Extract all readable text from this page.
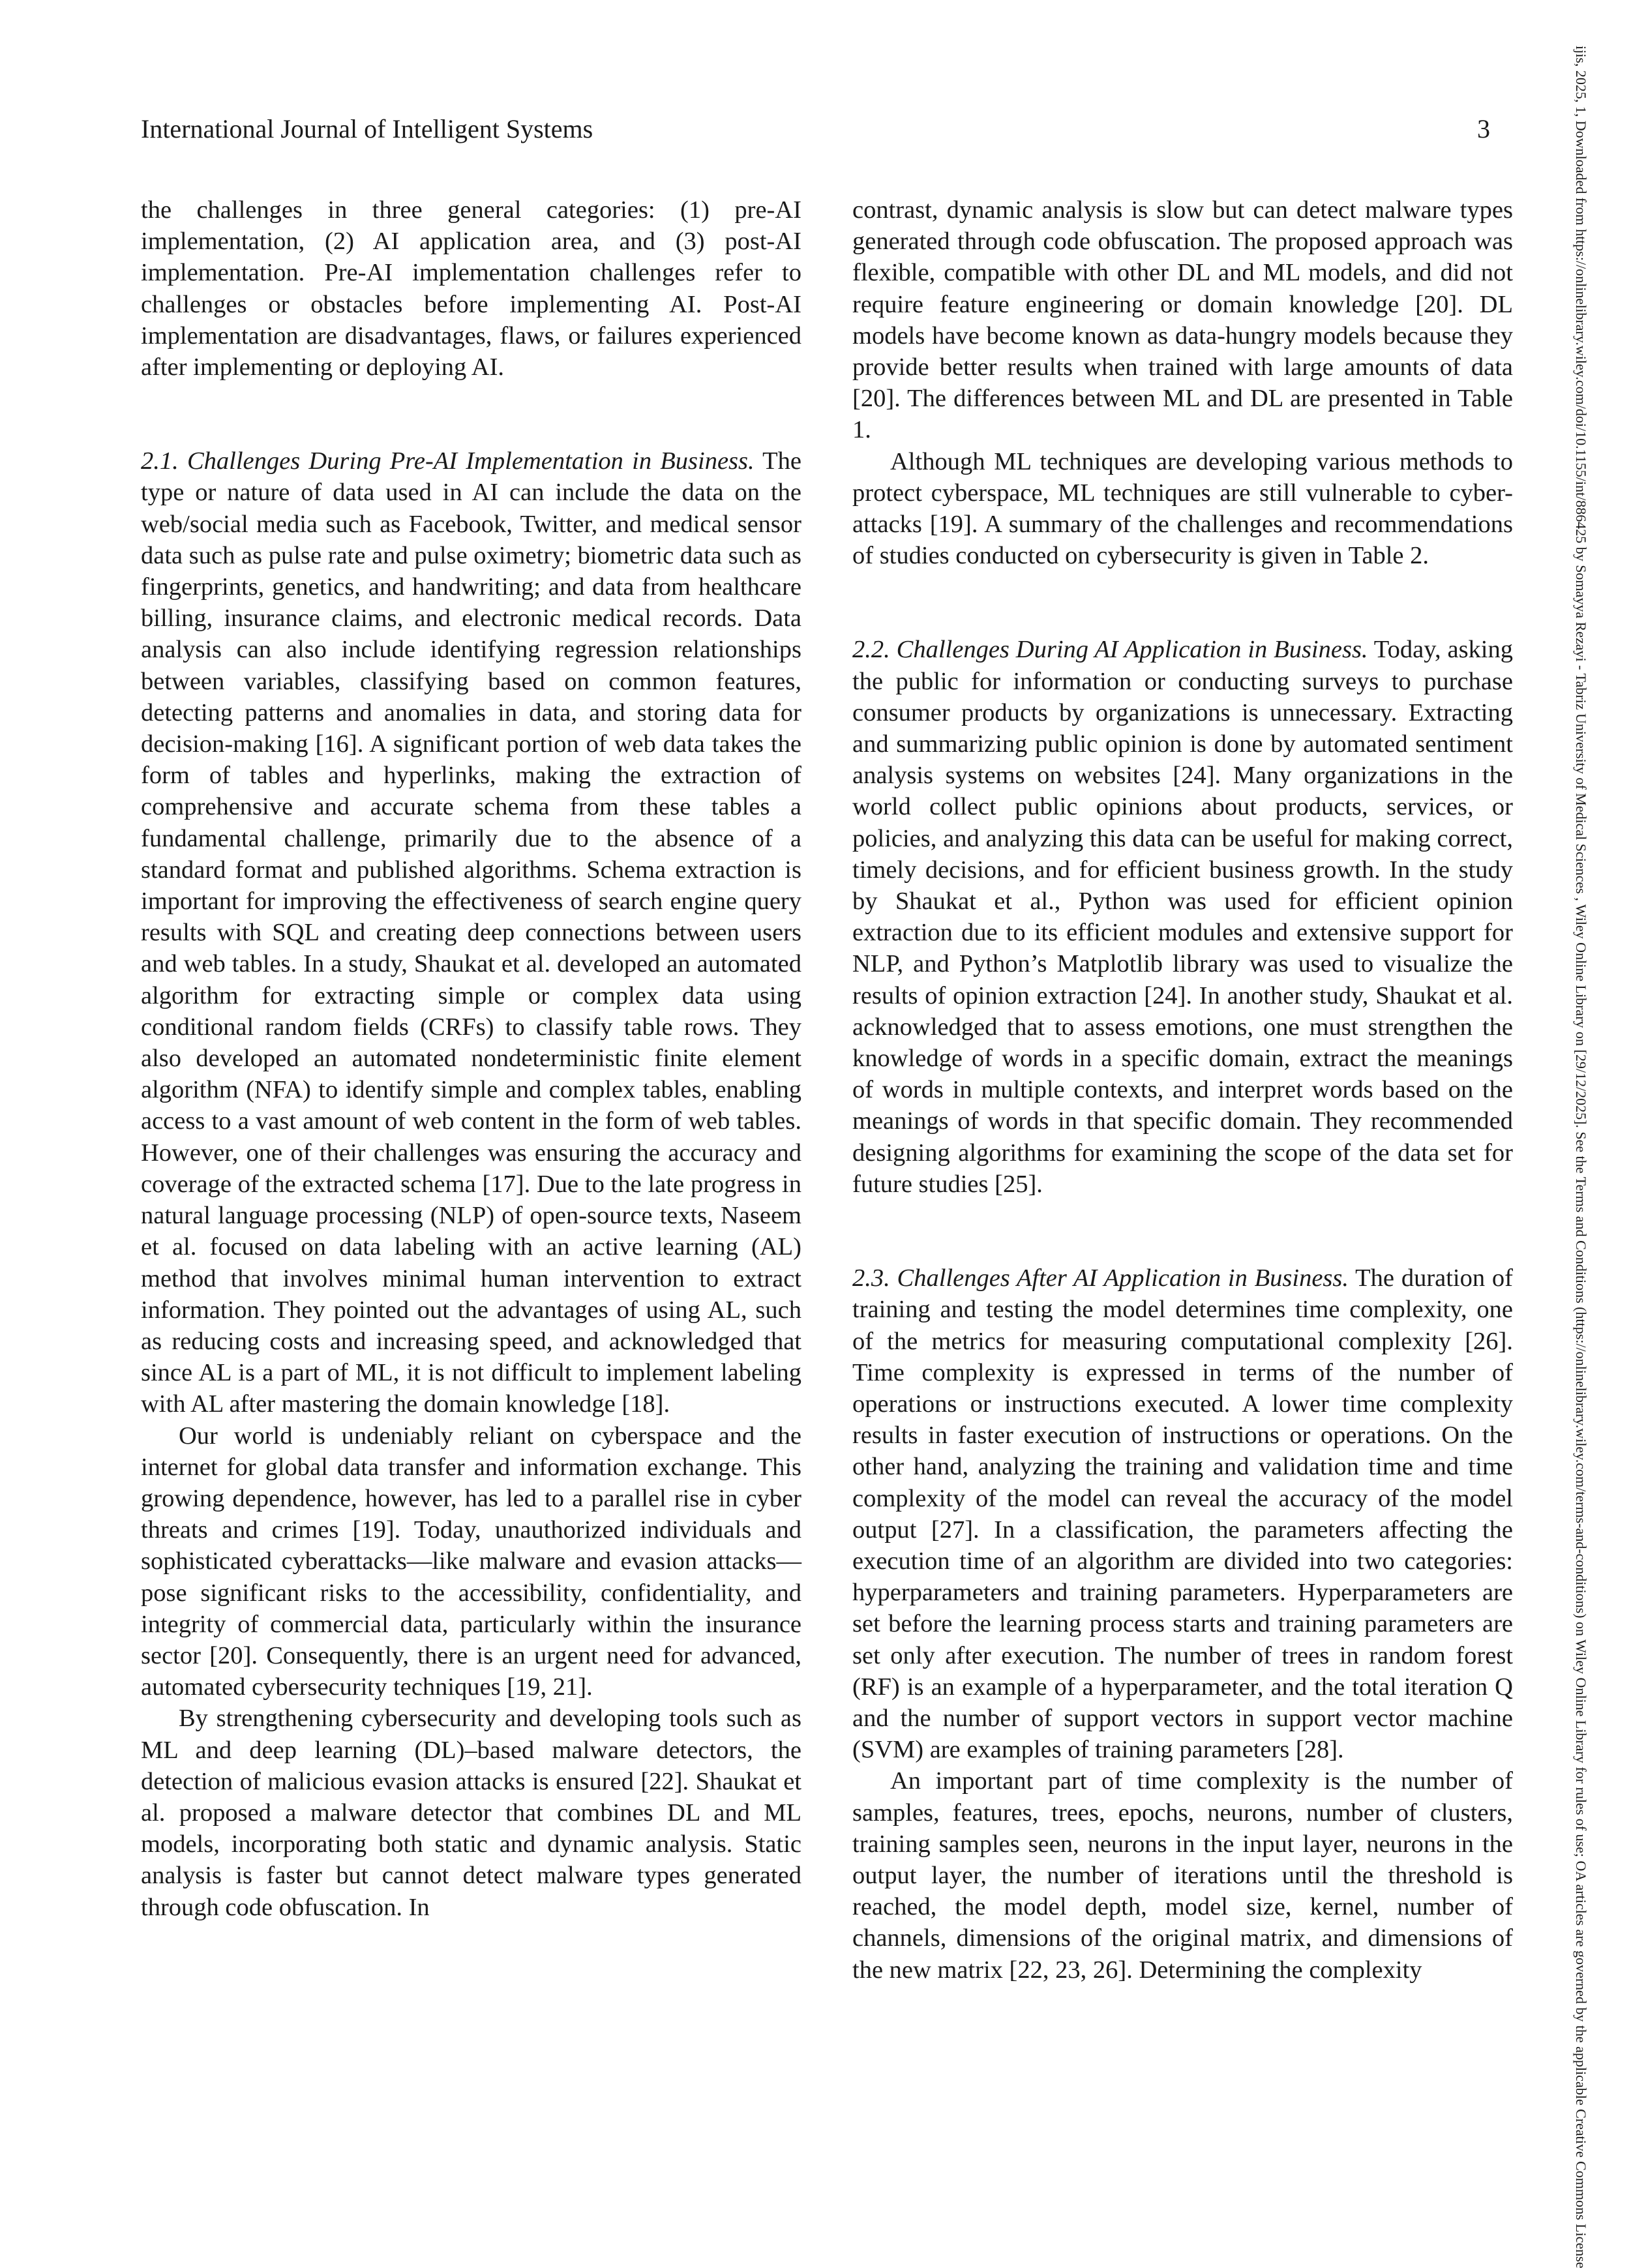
International Journal of Intelligent Systems	3

the challenges in three general categories: (1) pre-AI implementation, (2) AI application area, and (3) post-AI implementation. Pre-AI implementation challenges refer to challenges or obstacles before implementing AI. Post-AI implementation are disadvantages, flaws, or failures experienced after implementing or deploying AI.

2.1. Challenges During Pre-AI Implementation in Business. The type or nature of data used in AI can include the data on the web/social media such as Facebook, Twitter, and medical sensor data such as pulse rate and pulse oximetry; biometric data such as fingerprints, genetics, and handwriting; and data from healthcare billing, insurance claims, and electronic medical records. Data analysis can also include identifying regression relationships between variables, classifying based on common features, detecting patterns and anomalies in data, and storing data for decision-making [16]. A significant portion of web data takes the form of tables and hyperlinks, making the extraction of comprehensive and accurate schema from these tables a fundamental challenge, primarily due to the absence of a standard format and published algorithms. Schema extraction is important for improving the effectiveness of search engine query results with SQL and creating deep connections between users and web tables. In a study, Shaukat et al. developed an automated algorithm for extracting simple or complex data using conditional random fields (CRFs) to classify table rows. They also developed an automated nondeterministic finite element algorithm (NFA) to identify simple and complex tables, enabling access to a vast amount of web content in the form of web tables. However, one of their challenges was ensuring the accuracy and coverage of the extracted schema [17]. Due to the late progress in natural language processing (NLP) of open-source texts, Naseem et al. focused on data labeling with an active learning (AL) method that involves minimal human intervention to extract information. They pointed out the advantages of using AL, such as reducing costs and increasing speed, and acknowledged that since AL is a part of ML, it is not difficult to implement labeling with AL after mastering the domain knowledge [18].

Our world is undeniably reliant on cyberspace and the internet for global data transfer and information exchange. This growing dependence, however, has led to a parallel rise in cyber threats and crimes [19]. Today, unauthorized individuals and sophisticated cyberattacks—like malware and evasion attacks—pose significant risks to the accessibility, confidentiality, and integrity of commercial data, particularly within the insurance sector [20]. Consequently, there is an urgent need for advanced, automated cybersecurity techniques [19, 21].

By strengthening cybersecurity and developing tools such as ML and deep learning (DL)–based malware detectors, the detection of malicious evasion attacks is ensured [22]. Shaukat et al. proposed a malware detector that combines DL and ML models, incorporating both static and dynamic analysis. Static analysis is faster but cannot detect malware types generated through code obfuscation. In

contrast, dynamic analysis is slow but can detect malware types generated through code obfuscation. The proposed approach was flexible, compatible with other DL and ML models, and did not require feature engineering or domain knowledge [20]. DL models have become known as data-hungry models because they provide better results when trained with large amounts of data [20]. The differences between ML and DL are presented in Table 1.

Although ML techniques are developing various methods to protect cyberspace, ML techniques are still vulnerable to cyber-attacks [19]. A summary of the challenges and recommendations of studies conducted on cybersecurity is given in Table 2.

2.2. Challenges During AI Application in Business. Today, asking the public for information or conducting surveys to purchase consumer products by organizations is unnecessary. Extracting and summarizing public opinion is done by automated sentiment analysis systems on websites [24]. Many organizations in the world collect public opinions about products, services, or policies, and analyzing this data can be useful for making correct, timely decisions, and for efficient business growth. In the study by Shaukat et al., Python was used for efficient opinion extraction due to its efficient modules and extensive support for NLP, and Python’s Matplotlib library was used to visualize the results of opinion extraction [24]. In another study, Shaukat et al. acknowledged that to assess emotions, one must strengthen the knowledge of words in a specific domain, extract the meanings of words in multiple contexts, and interpret words based on the meanings of words in that specific domain. They recommended designing algorithms for examining the scope of the data set for future studies [25].

2.3. Challenges After AI Application in Business. The duration of training and testing the model determines time complexity, one of the metrics for measuring computational complexity [26]. Time complexity is expressed in terms of the number of operations or instructions executed. A lower time complexity results in faster execution of instructions or operations. On the other hand, analyzing the training and validation time and time complexity of the model can reveal the accuracy of the model output [27]. In a classification, the parameters affecting the execution time of an algorithm are divided into two categories: hyperparameters and training parameters. Hyperparameters are set before the learning process starts and training parameters are set only after execution. The number of trees in random forest (RF) is an example of a hyperparameter, and the total iteration Q and the number of support vectors in support vector machine (SVM) are examples of training parameters [28].

An important part of time complexity is the number of samples, features, trees, epochs, neurons, number of clusters, training samples seen, neurons in the input layer, neurons in the output layer, the number of iterations until the threshold is reached, the model depth, model size, kernel, number of channels, dimensions of the original matrix, and dimensions of the new matrix [22, 23, 26]. Determining the complexity	ijis, 2025, 1, Downloaded from https://onlinelibrary.wiley.com/doi/10.1155/int/886425 by Somayya Rezayi - Tabriz University of Medical Sciences , Wiley Online Library on [29/12/2025]. See the Terms and Conditions (https://onlinelibrary.wiley.com/terms-and-conditions) on Wiley Online Library for rules of use; OA articles are governed by the applicable Creative Commons License
